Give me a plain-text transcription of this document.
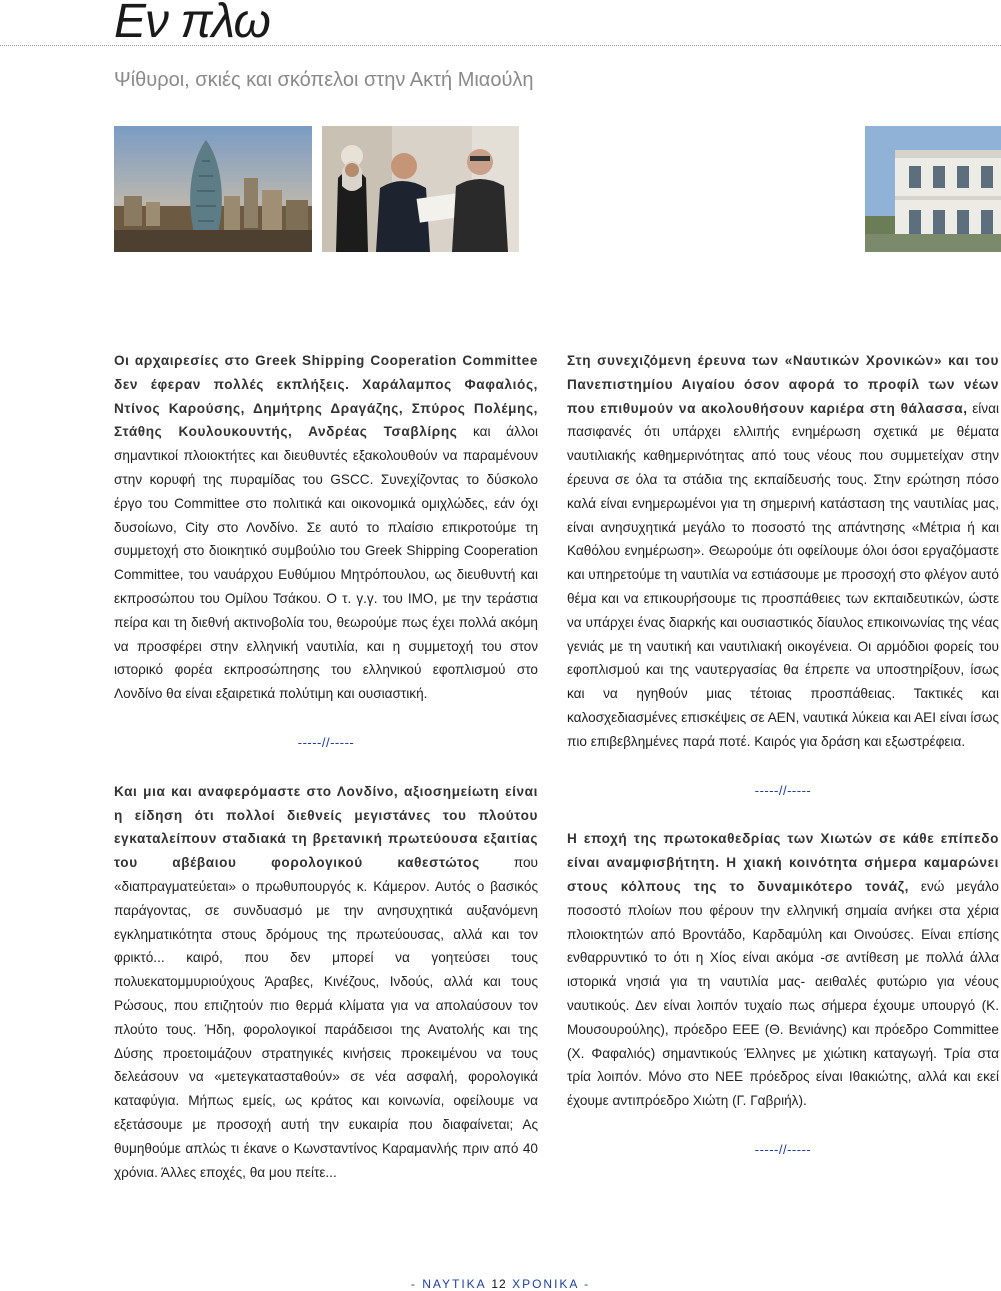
Εν πλω
Ψίθυροι, σκιές και σκόπελοι στην Ακτή Μιαούλη

Οι αρχαιρεσίες στο Greek Shipping Cooperation Committee δεν έφεραν πολλές εκπλήξεις. Χαράλαμπος Φαφαλιός, Ντίνος Καρούσης, Δημήτρης Δραγάζης, Σπύρος Πολέμης, Στάθης Κουλουκουντής, Ανδρέας Τσαβλίρης και άλλοι σημαντικοί πλοιοκτήτες και διευθυντές εξακολουθούν να παραμένουν στην κορυφή της πυραμίδας του GSCC. Συνεχίζοντας το δύσκολο έργο του Committee στο πολιτικά και οικονομικά ομιχλώδες, εάν όχι δυσοίωνο, City στο Λονδίνο. Σε αυτό το πλαίσιο επικροτούμε τη συμμετοχή στο διοικητικό συμβούλιο του Greek Shipping Cooperation Committee, του ναυάρχου Ευθύμιου Μητρόπουλου, ως διευθυντή και εκπροσώπου του Ομίλου Τσάκου. Ο τ. γ.γ. του ΙΜΟ, με την τεράστια πείρα και τη διεθνή ακτινοβολία του, θεωρούμε πως έχει πολλά ακόμη να προσφέρει στην ελληνική ναυτιλία, και η συμμετοχή του στον ιστορικό φορέα εκπροσώπησης του ελληνικού εφοπλισμού στο Λονδίνο θα είναι εξαιρετικά πολύτιμη και ουσιαστική.

-----//-----

Και μια και αναφερόμαστε στο Λονδίνο, αξιοσημείωτη είναι η είδηση ότι πολλοί διεθνείς μεγιστάνες του πλούτου εγκαταλείπουν σταδιακά τη βρετανική πρωτεύουσα εξαιτίας του αβέβαιου φορολογικού καθεστώτος που «διαπραγματεύεται» ο πρωθυπουργός κ. Κάμερον. Αυτός ο βασικός παράγοντας, σε συνδυασμό με την ανησυχητικά αυξανόμενη εγκληματικότητα στους δρόμους της πρωτεύουσας, αλλά και τον φρικτό... καιρό, που δεν μπορεί να γοητεύσει τους πολυεκατομμυριούχους Άραβες, Κινέζους, Ινδούς, αλλά και τους Ρώσους, που επιζητούν πιο θερμά κλίματα για να απολαύσουν τον πλούτο τους. Ήδη, φορολογικοί παράδεισοι της Ανατολής και της Δύσης προετοιμάζουν στρατηγικές κινήσεις προκειμένου να τους δελεάσουν να «μετεγκατασταθούν» σε νέα ασφαλή, φορολογικά καταφύγια. Μήπως εμείς, ως κράτος και κοινωνία, οφείλουμε να εξετάσουμε με προσοχή αυτή την ευκαιρία που διαφαίνεται; Ας θυμηθούμε απλώς τι έκανε ο Κωνσταντίνος Καραμανλής πριν από 40 χρόνια. Άλλες εποχές, θα μου πείτε...

Στη συνεχιζόμενη έρευνα των «Ναυτικών Χρονικών» και του Πανεπιστημίου Αιγαίου όσον αφορά το προφίλ των νέων που επιθυμούν να ακολουθήσουν καριέρα στη θάλασσα, είναι πασιφανές ότι υπάρχει ελλιπής ενημέρωση σχετικά με θέματα ναυτιλιακής καθημερινότητας από τους νέους που συμμετείχαν στην έρευνα σε όλα τα στάδια της εκπαίδευσής τους. Στην ερώτηση πόσο καλά είναι ενημερωμένοι για τη σημερινή κατάσταση της ναυτιλίας μας, είναι ανησυχητικά μεγάλο το ποσοστό της απάντησης «Μέτρια ή και Καθόλου ενημέρωση». Θεωρούμε ότι οφείλουμε όλοι όσοι εργαζόμαστε και υπηρετούμε τη ναυτιλία να εστιάσουμε με προσοχή στο φλέγον αυτό θέμα και να επικουρήσουμε τις προσπάθειες των εκπαιδευτικών, ώστε να υπάρχει ένας διαρκής και ουσιαστικός δίαυλος επικοινωνίας της νέας γενιάς με τη ναυτική και ναυτιλιακή οικογένεια. Οι αρμόδιοι φορείς του εφοπλισμού και της ναυτεργασίας θα έπρεπε να υποστηρίξουν, ίσως και να ηγηθούν μιας τέτοιας προσπάθειας. Τακτικές και καλοσχεδιασμένες επισκέψεις σε ΑΕΝ, ναυτικά λύκεια και ΑΕΙ είναι ίσως πιο επιβεβλημένες παρά ποτέ. Καιρός για δράση και εξωστρέφεια.

-----//-----

Η εποχή της πρωτοκαθεδρίας των Χιωτών σε κάθε επίπεδο είναι αναμφισβήτητη. Η χιακή κοινότητα σήμερα καμαρώνει στους κόλπους της το δυναμικότερο τονάζ, ενώ μεγάλο ποσοστό πλοίων που φέρουν την ελληνική σημαία ανήκει στα χέρια πλοιοκτητών από Βροντάδο, Καρδαμύλη και Οινούσες. Είναι επίσης ενθαρρυντικό το ότι η Χίος είναι ακόμα -σε αντίθεση με πολλά άλλα ιστορικά νησιά για τη ναυτιλία μας- αειθαλές φυτώριο για νέους ναυτικούς. Δεν είναι λοιπόν τυχαίο πως σήμερα έχουμε υπουργό (Κ. Μουσουρούλης), πρόεδρο ΕΕΕ (Θ. Βενιάνης) και πρόεδρο Committee (Χ. Φαφαλιός) σημαντικούς Έλληνες με χιώτικη καταγωγή. Τρία στα τρία λοιπόν. Μόνο στο ΝΕΕ πρόεδρος είναι Ιθακιώτης, αλλά και εκεί έχουμε αντιπρόεδρο Χιώτη (Γ. Γαβριήλ).

-----//-----
- ΝΑΥΤΙΚΑ 12 ΧΡΟΝΙΚΑ -
